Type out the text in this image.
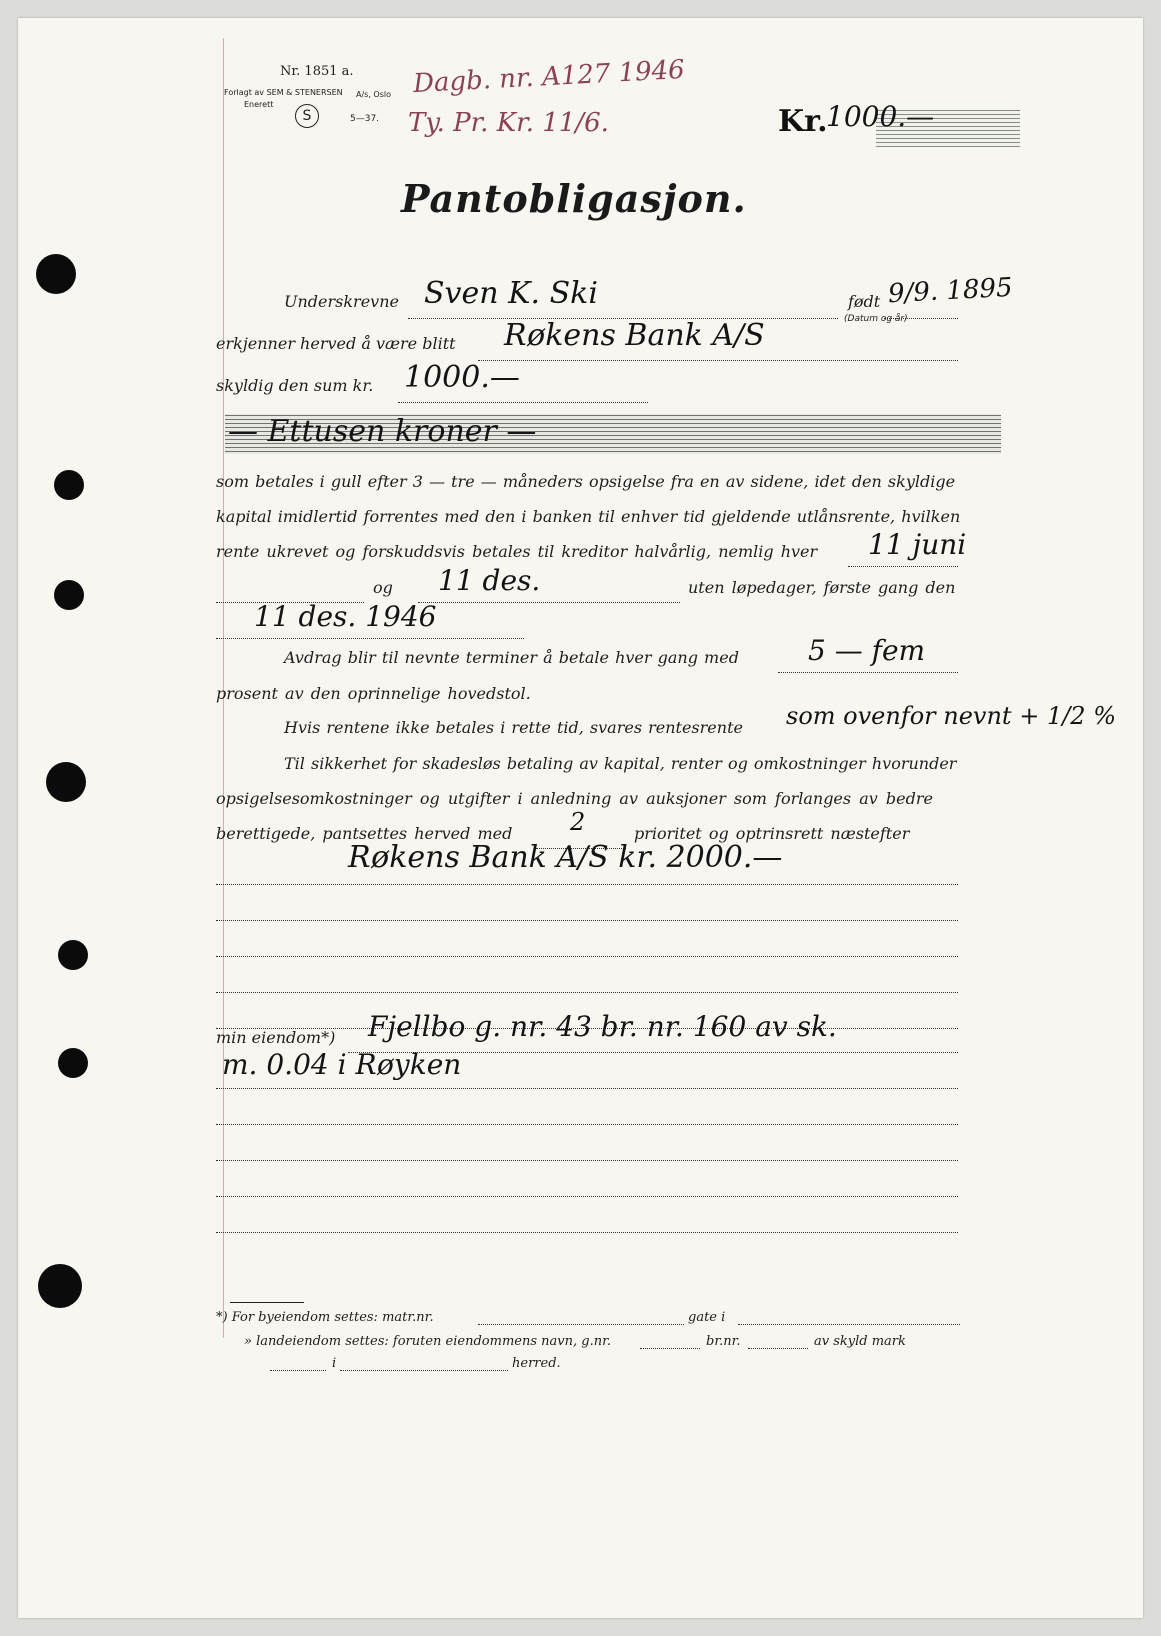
Nr. 1851 a.
Forlagt av SEM & STENERSEN A/s, Oslo
Enerett
S	5—37.
Dagb. nr. A127 1946
Ty. Pr. Kr. 11/6.	Kr.
1000.—
Pantobligasjon.
Underskrevne Sven K. Ski	født 9/9. 1895
(Datum og år)
erkjenner herved å være blitt Røkens Bank A/S
skyldig den sum kr. 1000.—
— Ettusen kroner —
som betales i gull efter 3 — tre — måneders opsigelse fra en av sidene, idet den skyldige
kapital imidlertid forrentes med den i banken til enhver tid gjeldende utlånsrente, hvilken
rente ukrevet og forskuddsvis betales til kreditor halvårlig, nemlig hver 11 juni
og 11 des.	uten løpedager, første gang den
11 des. 1946
Avdrag blir til nevnte terminer å betale hver gang med 5 — fem
prosent av den oprinnelige hovedstol.
Hvis rentene ikke betales i rette tid, svares rentesrente som ovenfor nevnt + 1/2 %
Til sikkerhet for skadesløs betaling av kapital, renter og omkostninger hvorunder
opsigelsesomkostninger og utgifter i anledning av auksjoner som forlanges av bedre
berettigede, pantsettes herved med 2	prioritet og optrinsrett næstefter
Røkens Bank A/S kr. 2000.—
min eiendom*) Fjellbo g. nr. 43 br. nr. 160 av sk.
m. 0.04 i Røyken
*) For byeiendom settes: matr.nr.	gate i
» landeiendom settes: foruten eiendommens navn, g.nr.	br.nr.	av skyld mark
i	herred.
